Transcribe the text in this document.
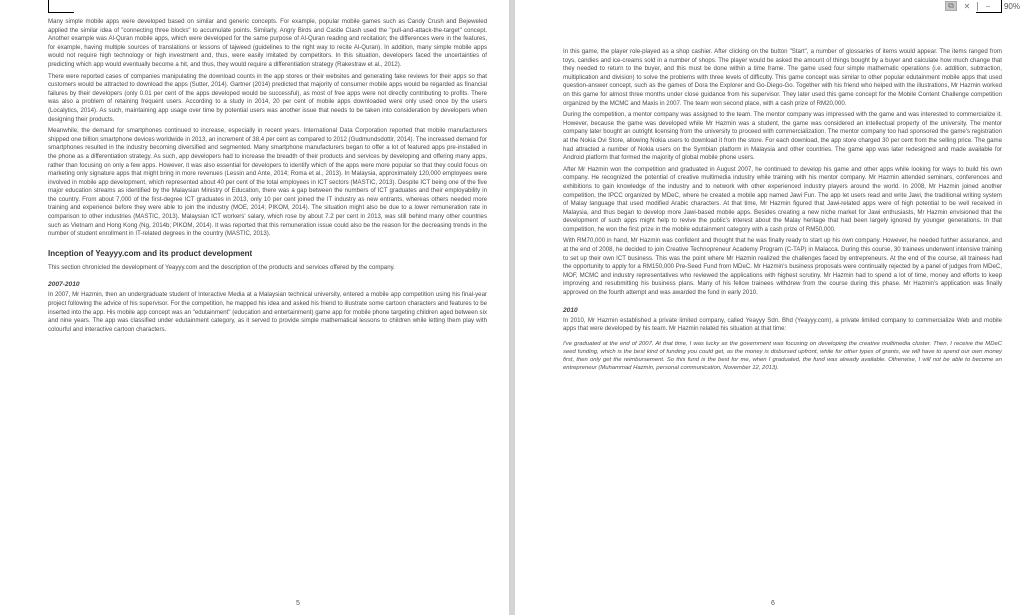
⧉	✕	−	90%

Many simple mobile apps were developed based on similar and generic concepts. For example, popular mobile games such as Candy Crush and Bejeweled applied the similar idea of "connecting three blocks" to accumulate points. Similarly, Angry Birds and Castle Clash used the "pull-and-attack-the-target" concept. Another example was Al-Quran mobile apps, which were developed for the same purpose of Al-Quran reading and recitation; the differences were in the features, for example, having multiple sources of translations or lessons of tajweed (guidelines to the right way to recite Al-Quran). In addition, many simple mobile apps would not require high technology or high investment and, thus, were easily imitated by competitors. In this situation, developers faced the uncertainties of predicting which app would eventually become a hit, and thus, they would require a differentiation strategy (Rakestraw et al., 2012).

There were reported cases of companies manipulating the download counts in the app stores or their websites and generating fake reviews for their apps so that customers would be attracted to download the apps (Sutter, 2014). Gartner (2014) predicted that majority of consumer mobile apps would be regarded as financial failures by their developers (only 0.01 per cent of the apps developed would be successful), as most of free apps were not directly contributing to profits. There was also a problem of retaining frequent users. According to a study in 2014, 20 per cent of mobile apps downloaded were only used once by the users (Localytics, 2014). As such, maintaining app usage over time by potential users was another issue that needs to be taken into consideration by developers when designing their products.

Meanwhile, the demand for smartphones continued to increase, especially in recent years. International Data Corporation reported that mobile manufacturers shipped one billion smartphone devices worldwide in 2013, an increment of 38.4 per cent as compared to 2012 (Gudmundsdottir, 2014). The increased demand for smartphones resulted in the industry becoming diversified and segmented. Many smartphone manufacturers began to offer a lot of featured apps pre-installed in the phone as a differentiation strategy. As such, app developers had to increase the breadth of their products and services by developing and offering many apps, rather than focusing on only a few apps. However, it was also essential for developers to identify which of the apps were more popular so that they could focus on marketing only signature apps that might bring in more revenues (Lessin and Ante, 2014; Roma et al., 2013). In Malaysia, approximately 120,000 employees were involved in mobile app development, which represented about 40 per cent of the total employees in ICT sectors (MASTIC, 2013). Despite ICT being one of the five major education streams as identified by the Malaysian Ministry of Education, there was a gap between the numbers of ICT graduates and their employability in the country. From about 7,000 of the first-degree ICT graduates in 2013, only 10 per cent joined the IT industry as new entrants, whereas others needed more training and experience before they were able to join the industry (MOE, 2014; PIKOM, 2014). The situation might also be due to a lower remuneration rate in comparison to other industries (MASTIC, 2013). Malaysian ICT workers' salary, which rose by about 7.2 per cent in 2013, was still behind many other countries such as Vietnam and Hong Kong (Ng, 2014b; PIKOM, 2014). It was reported that this remuneration issue could also be the reason for the decreasing trends in the number of student enrollment in IT-related degrees in the country (MASTIC, 2013).

Inception of Yeayyy.com and its product development

This section chronicled the development of Yeayyy.com and the description of the products and services offered by the company.

2007-2010

In 2007, Mr Hazmin, then an undergraduate student of Interactive Media at a Malaysian technical university, entered a mobile app competition using his final-year project following the advice of his supervisor. For the competition, he mapped his idea and asked his friend to illustrate some cartoon characters and features to be inserted into the app. His mobile app concept was an "edutainment" (education and entertainment) game app for mobile phone targeting children aged between six and nine years. The app was classified under edutainment category, as it served to provide simple mathematical lessons to children while letting them play with colourful and interactive cartoon characters.

5

In this game, the player role-played as a shop cashier. After clicking on the button "Start", a number of glossaries of items would appear. The items ranged from toys, candies and ice-creams sold in a number of shops. The player would be asked the amount of things bought by a buyer and calculate how much change that they needed to return to the buyer, and this must be done within a time frame. The game used four simple mathematic operations (i.e. addition, subtraction, multiplication and division) to solve the problems with three levels of difficulty. This game concept was similar to other popular edutainment mobile apps that used question-answer concept, such as the games of Dora the Explorer and Go-Diego-Go. Together with his friend who helped with the illustrations, Mr Hazmin worked on this game for almost three months under close guidance from his supervisor. They later used this game concept for the Mobile Content Challenge competition organized by the MCMC and Maxis in 2007. The team won second place, with a cash prize of RM20,000.

During the competition, a mentor company was assigned to the team. The mentor company was impressed with the game and was interested to commercialize it. However, because the game was developed while Mr Hazmin was a student, the game was considered an intellectual property of the university. The mentor company later bought an outright licensing from the university to proceed with commercialization. The mentor company too had sponsored the game's registration at the Nokia Ovi Store, allowing Nokia users to download it from the store. For each download, the app store charged 30 per cent from the selling price. The game had attracted a number of Nokia users on the Symbian platform in Malaysia and other countries. The game app was later redesigned and made available for Android platform that formed the majority of global mobile phone users.

After Mr Hazmin won the competition and graduated in August 2007, he continued to develop his game and other apps while looking for ways to build his own company. He recognized the potential of creative multimedia industry while training with his mentor company. Mr Hazmin attended seminars, conferences and exhibitions to gain knowledge of the industry and to network with other experienced industry players around the world. In 2008, Mr Hazmin joined another competition, the IPCC organized by MDeC, where he created a mobile app named Jawi Fun. The app let users read and write Jawi, the traditional writing system of Malay language that used modified Arabic characters. At that time, Mr Hazmin figured that Jawi-related apps were of high potential to be well received in Malaysia, and thus began to develop more Jawi-based mobile apps. Besides creating a new niche market for Jawi enthusiasts, Mr Hazmin envisioned that the development of such apps might help to revive the public's interest about the Malay heritage that had been largely ignored by younger generations. In that competition, he won the first prize in the mobile edutainment category with a cash prize of RM50,000.

With RM70,000 in hand, Mr Hazmin was confident and thought that he was finally ready to start up his own company. However, he needed further assurance, and at the end of 2008, he decided to join Creative Technopreneur Academy Program (C-TAP) in Malacca. During this course, 30 trainees underwent intensive training to set up their own ICT business. This was the point where Mr Hazmin realized the challenges faced by entrepreneurs. At the end of the course, all trainees had the opportunity to apply for a RM150,000 Pre-Seed Fund from MDeC. Mr Hazmin's business proposals were continually rejected by a panel of judges from MDeC, MOF, MCMC and industry representatives who reviewed the applications with highest scrutiny. Mr Hazmin had to spend a lot of time, money and efforts to keep improving and resubmitting his business plans. Many of his fellow trainees withdrew from the course during this phase. Mr Hazmin's application was finally approved on the fourth attempt and was awarded the fund in early 2010.

2010

In 2010, Mr Hazmin established a private limited company, called Yeayyy Sdn. Bhd (Yeayyy.com), a private limited company to commercialize Web and mobile apps that were developed by his team. Mr Hazmin related his situation at that time:

I've graduated at the end of 2007. At that time, I was lucky as the government was focusing on developing the creative multimedia cluster. Then, I receive the MDeC seed funding, which is the best kind of funding you could get, as the money is disbursed upfront, while for other types of grants, we will have to spend our own money first, then only get the reimbursement. So this fund is the best for me, when I graduated, the fund was already available. Otherwise, I will not be able to become an entrepreneur (Muhammad Hazmin, personal communication, November 12, 2013).

6
